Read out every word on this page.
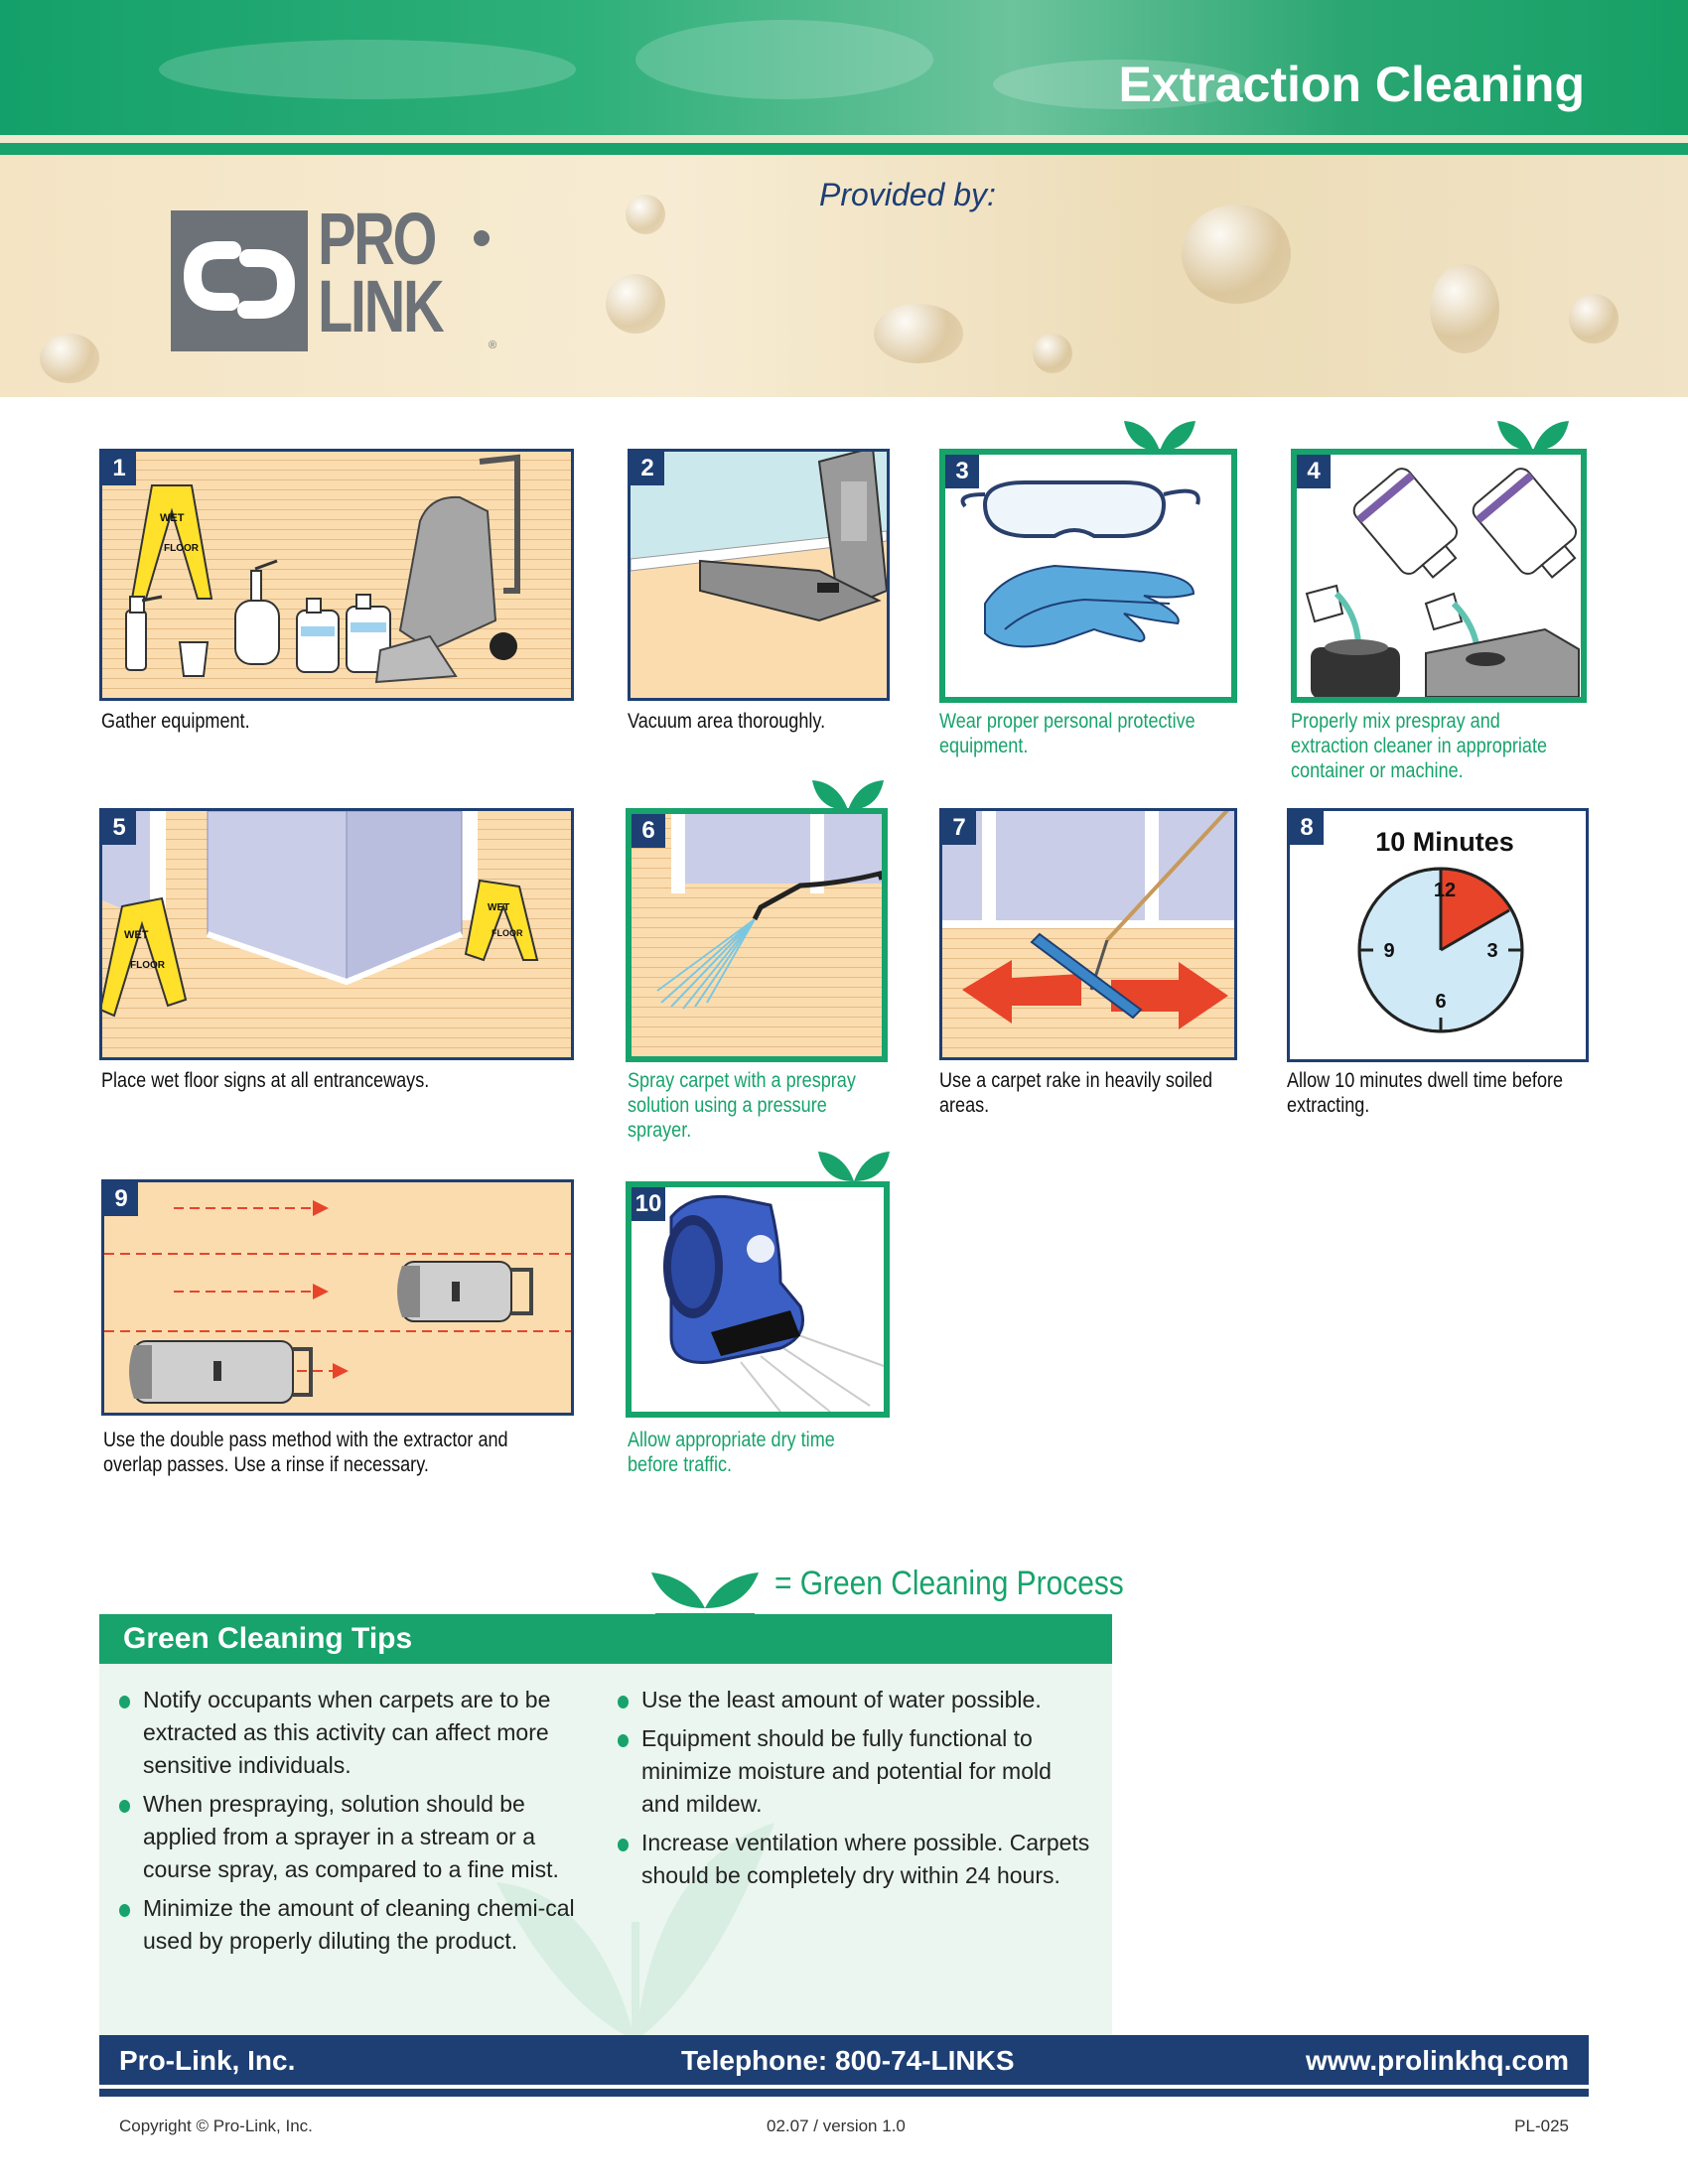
Extraction Cleaning
Provided by:
PRO
LINK	®
1
WET
FLOOR
Gather equipment.
2
Vacuum area thoroughly.
3
Wear proper personal protective equipment.
4
Properly mix prespray and extraction cleaner in appropriate container or machine.
5
WET
FLOOR
WET
FLOOR
Place wet floor signs at all entranceways.
6
Spray carpet with a prespray solution using a pressure sprayer.
7
Use a carpet rake in heavily soiled areas.
8	10 Minutes
12
3
6
9
Allow 10 minutes dwell time before extracting.
9
Use the double pass method with the extractor and overlap passes. Use a rinse if necessary.
10
PRO
LINK
Allow appropriate dry time before traffic.
= Green Cleaning Process
Green Cleaning Tips
Notify occupants when carpets are to be extracted as this activity can affect more sensitive individuals.
When prespraying, solution should be applied from a sprayer in a stream or a course spray, as compared to a fine mist.
Minimize the amount of cleaning chemi-cal used by properly diluting the product.
Use the least amount of water possible.
Equipment should be fully functional to minimize moisture and potential for mold and mildew.
Increase ventilation where possible. Carpets should be completely dry within 24 hours.
Pro-Link, Inc.	Telephone: 800-74-LINKS	www.prolinkhq.com
Copyright © Pro-Link, Inc.	02.07 / version 1.0	PL-025
